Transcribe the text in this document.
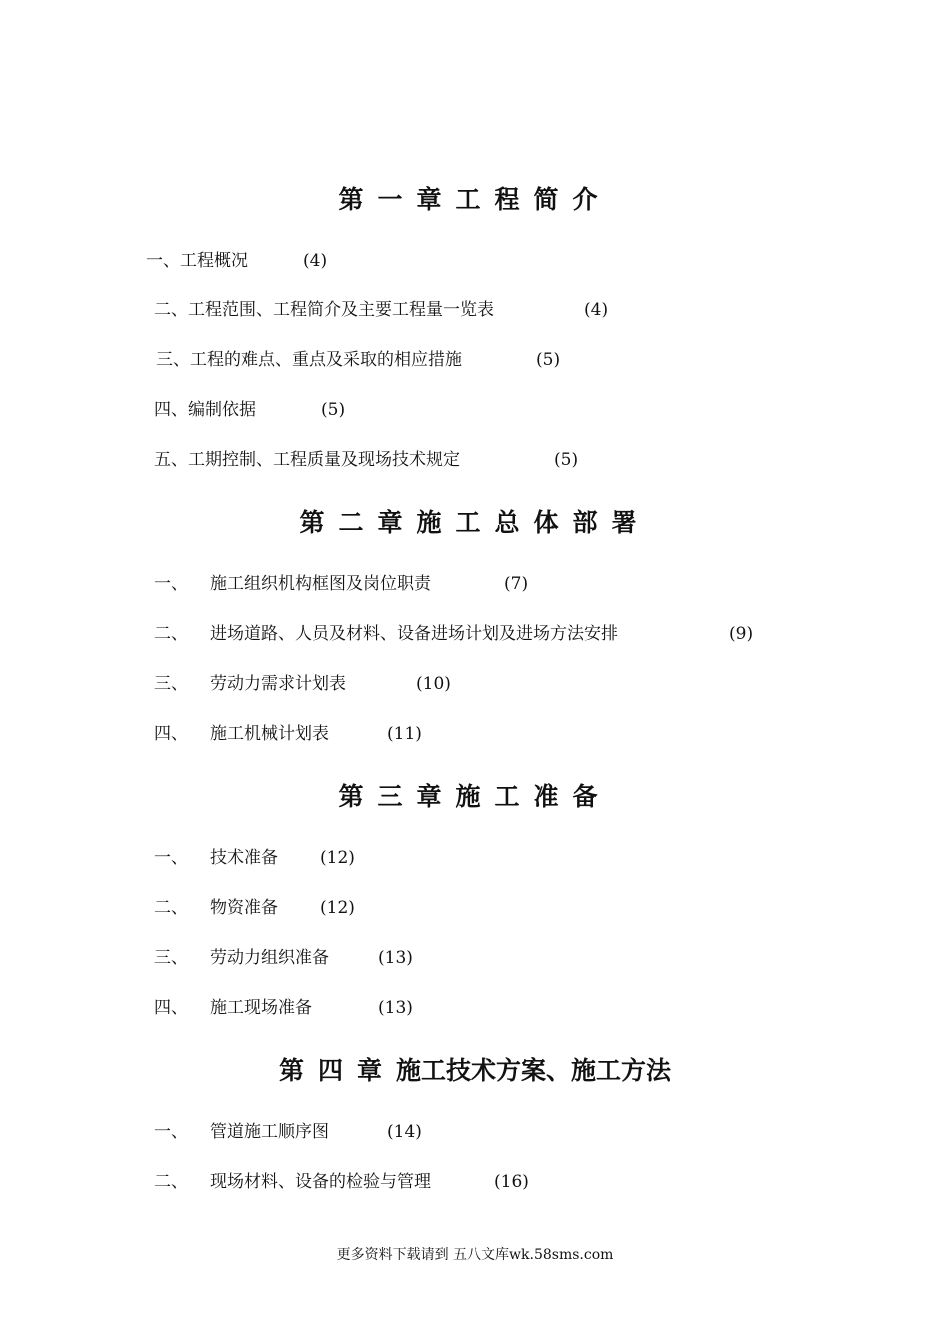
第一章工程简介
一、工程概况	(4)
二、工程范围、工程简介及主要工程量一览表	(4)
三、工程的难点、重点及采取的相应措施	(5)
四、编制依据	(5)
五、工期控制、工程质量及现场技术规定	(5)
第二章施工总体部署
一、 施工组织机构框图及岗位职责	(7)
二、 进场道路、人员及材料、设备进场计划及进场方法安排	(9)
三、 劳动力需求计划表	(10)
四、 施工机械计划表	(11)
第三章施工准备
一、 技术准备 (12)
二、 物资准备 (12)
三、 劳动力组织准备	(13)
四、 施工现场准备	(13)
第四章施工技术方案、施工方法
一、 管道施工顺序图	(14)
二、 现场材料、设备的检验与管理	(16)
更多资料下载请到 五八文库wk.58sms.com
